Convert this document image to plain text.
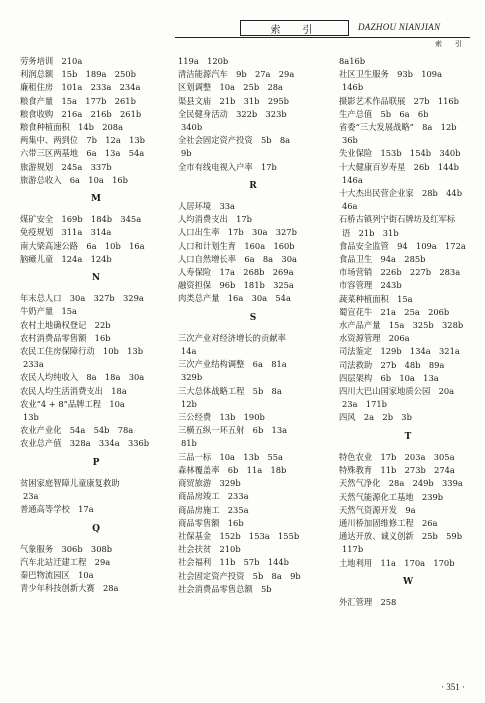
索　引	DAZHOU NIANJIAN
索　引
劳务培训　210a
利润总额　15b　189a　250b
廉租住房　101a　233a　234a
粮食产量　15a　177b　261b
粮食收购　216a　216b　261b
粮食种植面积　14b　208a
两集中、两到位　7b　12a　13b
六带三区两基地　6a　13a　54a
旅游规划　245a　337b
旅游总收入　6a　10a　16b
M
煤矿安全　169b　184b　345a
免疫规划　311a　314a
南大梁高速公路　6a　10b　16a
脑瘫儿童　124a　124b
N
年末总人口　30a　327b　329a
牛奶产量　15a
农村土地确权登记　22b
农村消费品零售额　16b
农民工住房保障行动　10b　13b
233a
农民人均纯收入　8a　18a　30a
农民人均生活消费支出　18a
农业“4 + 8”品牌工程　10a
13b
农业产业化　54a　54b　78a
农业总产值　328a　334a　336b
P
贫困家庭智障儿童康复救助
23a
普通高等学校　17a
Q
气象服务　306b　308b
汽车北站迁建工程　29a
秦巴物流园区　10a
青少年科技创新大赛　28a
119a　120b
清洁能源汽车　9b　27a　29a
区划调整　10a　25b　28a
渠县文庙　21b　31b　295b
全民健身活动　322b　323b
340b
全社会固定资产投资　5b　8a
9b
全市有线电视入户率　17b
R
人居环境　33a
人均消费支出　17b
人口出生率　17b　30a　327b
人口和计划生育　160a　160b
人口自然增长率　6a　8a　30a
人寿保险　17a　268b　269a
融资担保　96b　181b　325a
肉类总产量　16a　30a　54a
S
三次产业对经济增长的贡献率
14a
三次产业结构调整　6a　81a
329b
三大总体战略工程　5b　8a
12b
三公经费　13b　190b
三横五纵一环五射　6b　13a
81b
三品一标　10a　13b　55a
森林覆盖率　6b　11a　18b
商贸旅游　329b
商品房竣工　233a
商品房施工　235a
商品零售额　16b
社保基金　152b　153a　155b
社会扶贫　210b
社会福利　11b　57b　144b
社会固定资产投资　5b　8a　9b
社会消费品零售总额　5b
8a16b
社区卫生服务　93b　109a
146b
摄影艺术作品联展　27b　116b
生产总值　5b　6a　6b
省委“三大发展战略”　8a　12b
36b
失业保险　153b　154b　340b
十大健康百岁寿星　26b　144b
146a
十大杰出民营企业家　28b　44b
46a
石桥古镇列宁街石牌坊及红军标
语　21b　31b
食品安全监管　94　109a　172a
食品卫生　94a　285b
市场营销　226b　227b　283a
市容管理　243b
蔬菜种植面积　15a
蜀宣花牛　21a　25a　206b
水产品产量　15a　325b　328b
水资源管理　206a
司法鉴定　129b　134a　321a
司法救助　27b　48b　89a
四层架构　6b　10a　13a
四川大巴山国家地质公园　20a
23a　171b
四风　2a　2b　3b
T
特色农业　17b　203a　305a
特殊教育　11b　273b　274a
天然气净化　28a　249b　339a
天然气能源化工基地　239b
天然气资源开发　9a
通川桥加固维修工程　26a
通达开放、诚义创新　25b　59b
117b
土地利用　11a　170a　170b
W
外汇管理　258
· 351 ·
